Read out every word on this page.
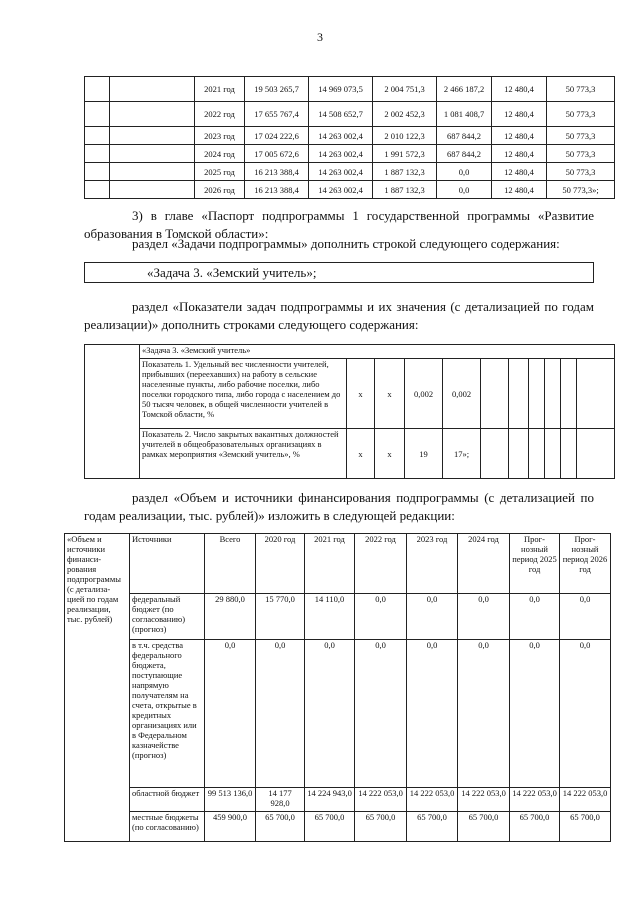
3
		2021 год	19 503 265,7	14 969 073,5	2 004 751,3	2 466 187,2	12 480,4	50 773,3
		2022 год	17 655 767,4	14 508 652,7	2 002 452,3	1 081 408,7	12 480,4	50 773,3
		2023 год	17 024 222,6	14 263 002,4	2 010 122,3	687 844,2	12 480,4	50 773,3
		2024 год	17 005 672,6	14 263 002,4	1 991 572,3	687 844,2	12 480,4	50 773,3
		2025 год	16 213 388,4	14 263 002,4	1 887 132,3	0,0	12 480,4	50 773,3
		2026 год	16 213 388,4	14 263 002,4	1 887 132,3	0,0	12 480,4	50 773,3»;
3) в главе «Паспорт подпрограммы 1 государственной программы «Развитие образования в Томской области»:
раздел «Задачи подпрограммы» дополнить строкой следующего содержания:
«Задача 3. «Земский учитель»;
раздел «Показатели задач подпрограммы и их значения (с детализацией по годам реализации)» дополнить строками следующего содержания:
	«Задача 3. «Земский учитель»										
	Показатель 1. Удельный вес численности учителей, прибывших (переехавших) на работу в сельские населенные пункты, либо рабочие поселки, либо поселки городского типа, либо города с населением до 50 тысяч человек, в общей численности учителей в Томской области, %	x	x	0,002	0,002						
	Показатель 2. Число закрытых вакантных должностей учителей в общеобразовательных организациях в рамках мероприятия «Земский учитель», %	x	x	19	17»;						
раздел «Объем и источники финансирования подпрограммы (с детализацией по годам реализации, тыс. рублей)» изложить в следующей редакции:
«Объем и источники финанси-рования подпрограммы (с детализа-цией по годам реализации, тыс. рублей)	Источники	Всего	2020 год	2021 год	2022 год	2023 год	2024 год	Прог-нозный период 2025 год	Прог-нозный период 2026 год
	федеральный бюджет (по согласованию) (прогноз)	29 880,0	15 770,0	14 110,0	0,0	0,0	0,0	0,0	0,0
	в т.ч. средства федерального бюджета, поступающие напрямую получателям на счета, открытые в кредитных организациях или в Федеральном казначействе (прогноз)	0,0	0,0	0,0	0,0	0,0	0,0	0,0	0,0
	областной бюджет	99 513 136,0	14 177 928,0	14 224 943,0	14 222 053,0	14 222 053,0	14 222 053,0	14 222 053,0	14 222 053,0
	местные бюджеты (по согласованию)	459 900,0	65 700,0	65 700,0	65 700,0	65 700,0	65 700,0	65 700,0	65 700,0
